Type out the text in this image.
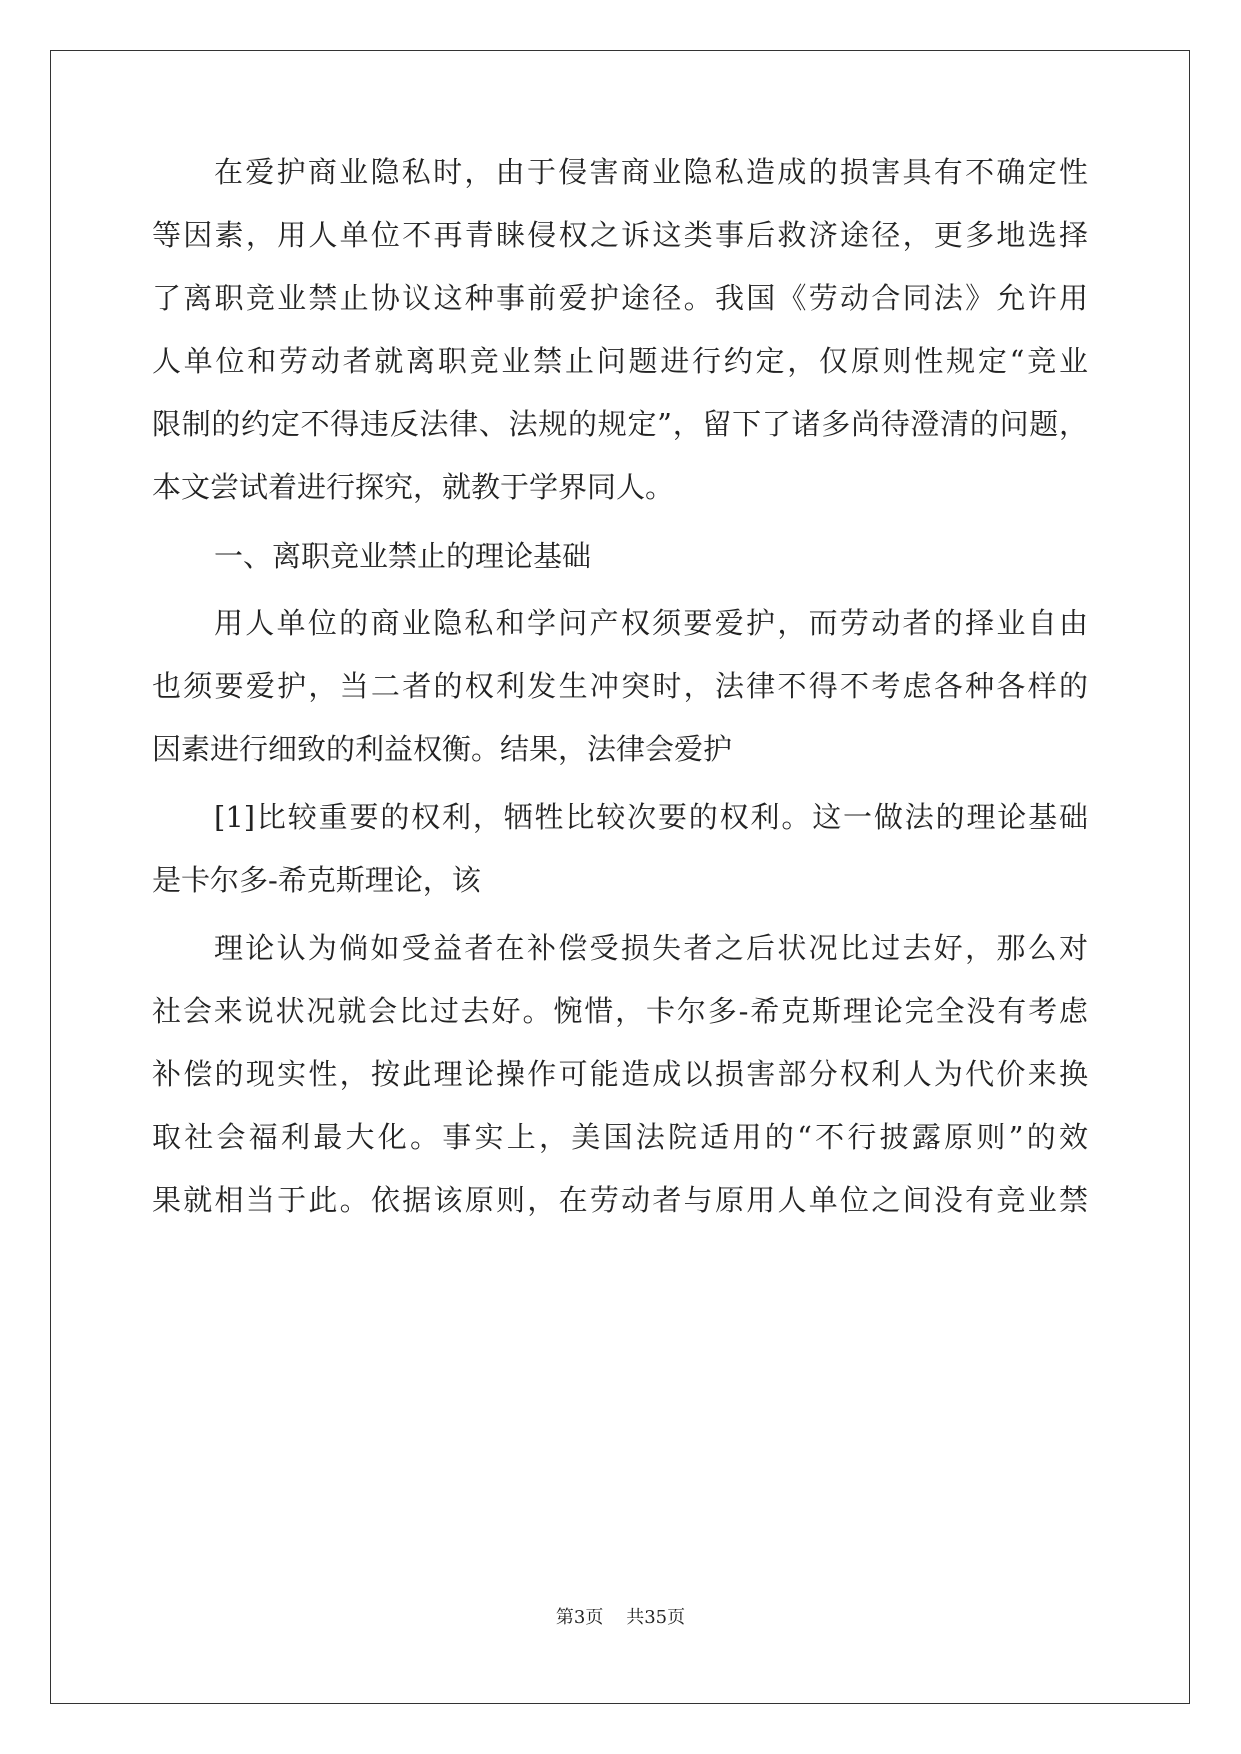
在爱护商业隐私时，由于侵害商业隐私造成的损害具有不确定性

等因素，用人单位不再青睐侵权之诉这类事后救济途径，更多地选择

了离职竞业禁止协议这种事前爱护途径。我国《劳动合同法》允许用

人单位和劳动者就离职竞业禁止问题进行约定，仅原则性规定“竞业

限制的约定不得违反法律、法规的规定”，留下了诸多尚待澄清的问题，

本文尝试着进行探究，就教于学界同人。

一、离职竞业禁止的理论基础

用人单位的商业隐私和学问产权须要爱护，而劳动者的择业自由

也须要爱护，当二者的权利发生冲突时，法律不得不考虑各种各样的

因素进行细致的利益权衡。结果，法律会爱护

[1]比较重要的权利，牺牲比较次要的权利。这一做法的理论基础

是卡尔多-希克斯理论，该

理论认为倘如受益者在补偿受损失者之后状况比过去好，那么对

社会来说状况就会比过去好。惋惜，卡尔多-希克斯理论完全没有考虑

补偿的现实性，按此理论操作可能造成以损害部分权利人为代价来换

取社会福利最大化。事实上，美国法院适用的“不行披露原则”的效

果就相当于此。依据该原则，在劳动者与原用人单位之间没有竞业禁

第3页 共35页
